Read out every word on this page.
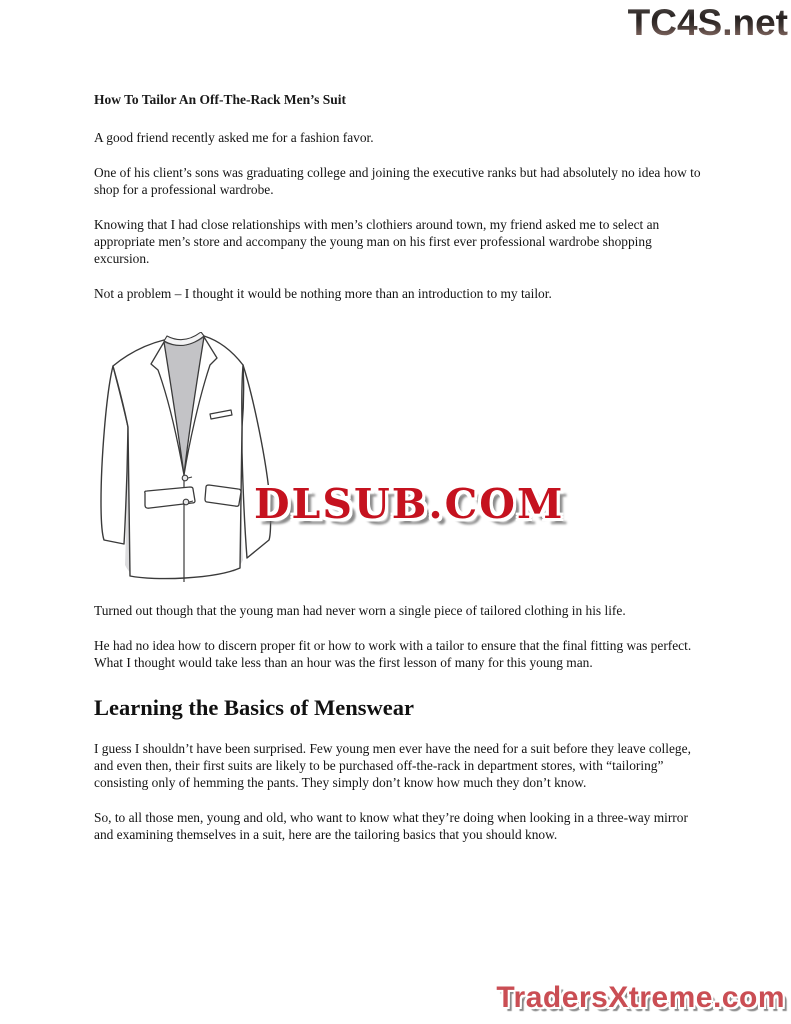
TC4S.net
How To Tailor An Off-The-Rack Men’s Suit

A good friend recently asked me for a fashion favor.

One of his client’s sons was graduating college and joining the executive ranks but had absolutely no idea how to shop for a professional wardrobe.

Knowing that I had close relationships with men’s clothiers around town, my friend asked me to select an appropriate men’s store and accompany the young man on his first ever professional wardrobe shopping excursion.

Not a problem – I thought it would be nothing more than an introduction to my tailor.

DLSUB.COM

Turned out though that the young man had never worn a single piece of tailored clothing in his life.

He had no idea how to discern proper fit or how to work with a tailor to ensure that the final fitting was perfect. What I thought would take less than an hour was the first lesson of many for this young man.

Learning the Basics of Menswear

I guess I shouldn’t have been surprised. Few young men ever have the need for a suit before they leave college, and even then, their first suits are likely to be purchased off-the-rack in department stores, with “tailoring” consisting only of hemming the pants. They simply don’t know how much they don’t know.

So, to all those men, young and old, who want to know what they’re doing when looking in a three-way mirror and examining themselves in a suit, here are the tailoring basics that you should know.

TradersXtreme.com
